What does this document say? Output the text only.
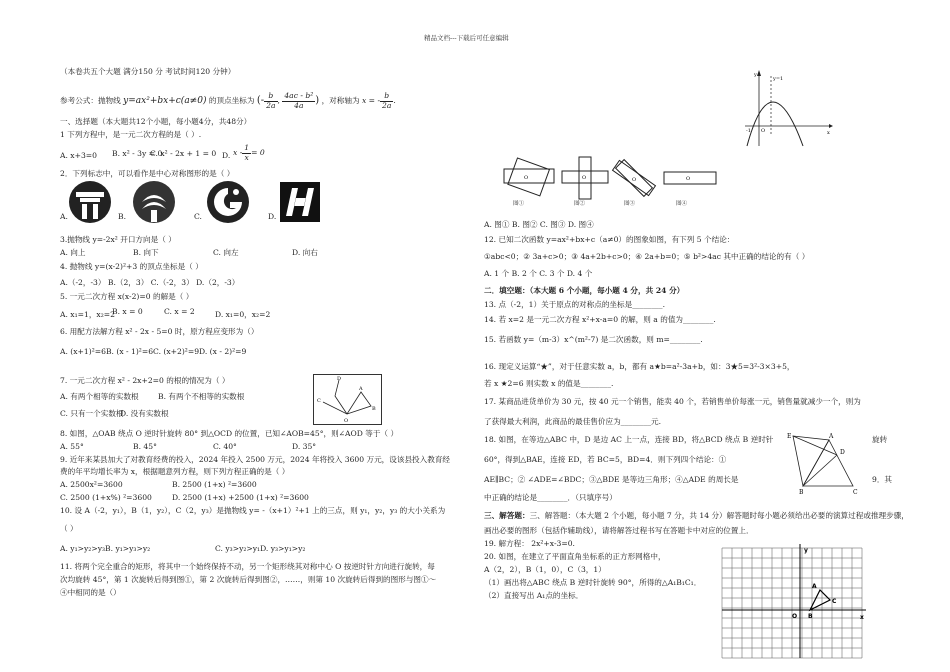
精品文档---下载后可任意编辑
（本卷共五个大题 满分150 分 考试时间120 分钟）
参考公式：抛物线 y=ax²+bx+c(a≠0) 的顶点坐标为 (- $\frac{b}{2a}$ , $\frac{\text{4ac - b²}}{4a}$ ) ，对称轴为 x = - $\frac{b}{2a}$ .
一、选择题（本大题共12个小题，每小题4分，共48分）
1 下列方程中，是一元二次方程的是（ ）.
A. x+3=0 B. x² - 3y = 0
C. x² - 2x + 1 = 0 D. $x - \frac{1}{x} = 0$
2．下列标志中，可以看作是中心对称图形的是（ ）
A.	B.	C.	D.
3.抛物线 y=-2x² 开口方向是（ ）
A. 向上	B. 向下	C. 向左	D. 向右
4. 抛物线 y=(x-2)²+3 的顶点坐标是（ ）
A.（-2，-3） B.（2，3） C.（-2，3） D.（2，-3）
5. 一元二次方程 x(x-2)=0 的解是（ ）
A. x₁=1，x₂=2
B. x = 0	C. x = 2	D. x₁=0，x₂=2
6. 用配方法解方程 x² - 2x - 5=0 时，原方程应变形为（）
A. (x+1)²=6B. (x - 1)²=6C. (x+2)²=9D. (x - 2)²=9
7. 一元二次方程 x² - 2x+2=0 的根的情况为（ ）
A. 有两个相等的实数根	B. 有两个不相等的实数根
C. 只有一个实数根
D. 没有实数根
D
A
C
O
B
8. 如图，△OAB 绕点 O 逆时针旋转 80° 到△OCD 的位置，已知∠AOB=45°，则∠AOD 等于（ ）
A. 55°	B. 45°	C. 40°	D. 35°
9. 近年来某县加大了对教育经费的投入，2024 年投入 2500 万元，2024 年将投入 3600 万元，设该县投入教育经
费的年平均增长率为 x，根据题意列方程，则下列方程正确的是（ ）
A. 2500x²=3600	B. 2500 (1+x) ²=3600
C. 2500 (1+x%) ²=3600	D. 2500 (1+x) +2500 (1+x) ²=3600
10. 设 A（-2，y₁），B（1，y₂），C（2，y₃）是抛物线 y= -（x+1）²+1 上的三点，则 y₁，y₂，y₃ 的大小关系为
（ ）
A. y₁>y₂>y₃B. y₁>y₃>y₂	C. y₃>y₂>y₁D. y₃>y₁>y₂
11. 将两个完全重合的矩形，将其中一个始终保持不动，另一个矩形绕其对称中心 O 按逆时针方向进行旋转，每
次均旋转 45°，第 1 次旋转后得到图①，第 2 次旋转后得到图②，……，则第 10 次旋转后得到的图形与图①～
④中相同的是（）
O
图①
O
图②
O
图③
O
图④
A. 图① B. 图② C. 图③ D. 图④
y
x
y=1
-1 O
12. 已知二次函数 y=ax²+bx+c（a≠0）的图象如图，有下列 5 个结论：
①abc<0；② 3a+c>0；③ 4a+2b+c>0；④ 2a+b=0；⑤ b²>4ac 其中正确的结论的有（ ）
A. 1 个 B. 2 个 C. 3 个 D. 4 个
二．填空题：（本大题 6 个小题，每小题 4 分，共 24 分）
13. 点（-2，1）关于原点的对称点的坐标是________.
14. 若 x=2 是一元二次方程 x²+x-a=0 的解，则 a 的值为________.
15. 若函数 y=（m-3）x^(m²-7) 是二次函数，则 m=________.
16. 现定义运算“★”，对于任意实数 a，b，都有 a★b=a²-3a+b，如：3★5=3²-3×3+5，
若 x ★2=6 则实数 x 的值是________.
17. 某商品进货单价为 30 元，按 40 元一个销售，能卖 40 个，若销售单价每涨一元，销售量就减少一个，则为
了获得最大利润，此商品的最佳售价应为________元.
18. 如图，在等边△ABC 中，D 是边 AC 上一点，连接 BD，将△BCD 绕点 B 逆时针	旋转
60°，得到△BAE，连接 ED，若 BC=5，BD=4．则下列四个结论：①
AE∥BC；② ∠ADE=∠BDC；③△BDE 是等边三角形；④△ADE 的周长是	9．其
中正确的结论是________．（只填序号）
E	A
D
B	C
三、解答题：三、解答题：（本大题 2 个小题，每小题 7 分，共 14 分）解答题时每小题必须给出必要的演算过程或推理步骤，
画出必要的图形（包括作辅助线），请将解答过程书写在答题卡中对应的位置上．
19. 解方程： 2x²+x-3=0.
20. 如图，在建立了平面直角坐标系的正方形网格中，
A（2，2），B（1，0），C（3，1）
（1）画出将△ABC 绕点 B 逆时针旋转 90°，所得的△A₁B₁C₁．
（2）直接写出 A₁点的坐标．
y
x
O
A
B
C
